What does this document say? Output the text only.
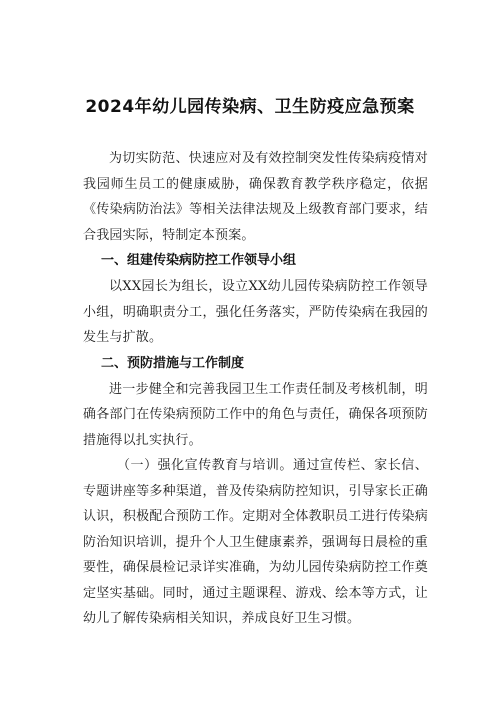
2024年幼儿园传染病、卫生防疫应急预案

为切实防范、快速应对及有效控制突发性传染病疫情对我园师生员工的健康威胁，确保教育教学秩序稳定，依据《传染病防治法》等相关法律法规及上级教育部门要求，结合我园实际，特制定本预案。

一、组建传染病防控工作领导小组

以XX园长为组长，设立XX幼儿园传染病防控工作领导小组，明确职责分工，强化任务落实，严防传染病在我园的发生与扩散。

二、预防措施与工作制度

进一步健全和完善我园卫生工作责任制及考核机制，明确各部门在传染病预防工作中的角色与责任，确保各项预防措施得以扎实执行。

（一）强化宣传教育与培训。通过宣传栏、家长信、专题讲座等多种渠道，普及传染病防控知识，引导家长正确认识，积极配合预防工作。定期对全体教职员工进行传染病防治知识培训，提升个人卫生健康素养，强调每日晨检的重要性，确保晨检记录详实准确，为幼儿园传染病防控工作奠定坚实基础。同时，通过主题课程、游戏、绘本等方式，让幼儿了解传染病相关知识，养成良好卫生习惯。
